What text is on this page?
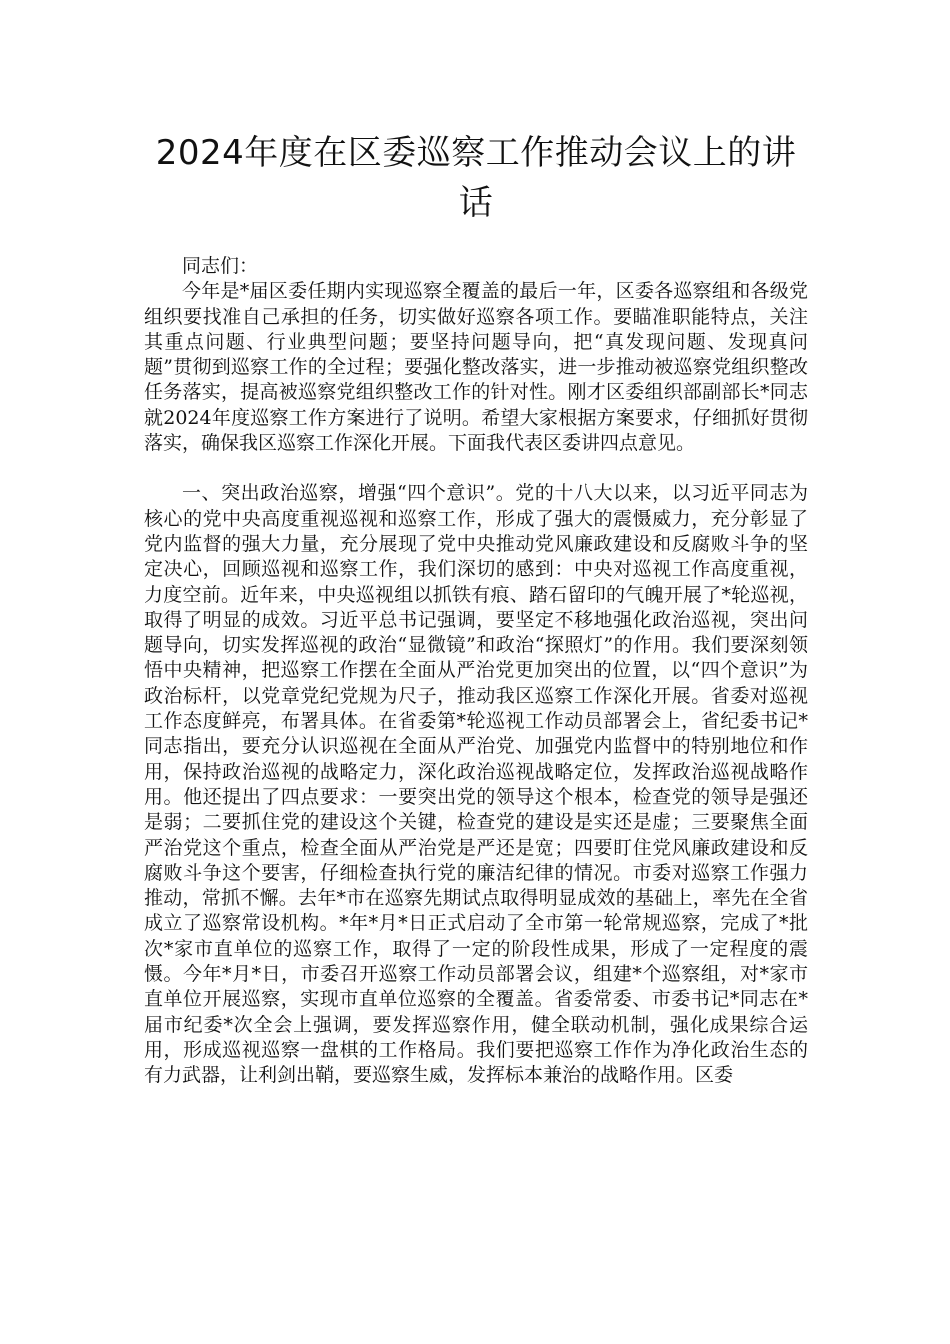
2024年度在区委巡察工作推动会议上的讲话

同志们：

今年是*届区委任期内实现巡察全覆盖的最后一年，区委各巡察组和各级党组织要找准自己承担的任务，切实做好巡察各项工作。要瞄准职能特点，关注其重点问题、行业典型问题；要坚持问题导向，把“真发现问题、发现真问题”贯彻到巡察工作的全过程；要强化整改落实，进一步推动被巡察党组织整改任务落实，提高被巡察党组织整改工作的针对性。刚才区委组织部副部长*同志就2024年度巡察工作方案进行了说明。希望大家根据方案要求，仔细抓好贯彻落实，确保我区巡察工作深化开展。下面我代表区委讲四点意见。

一、突出政治巡察，增强“四个意识”。党的十八大以来，以习近平同志为核心的党中央高度重视巡视和巡察工作，形成了强大的震慑威力，充分彰显了党内监督的强大力量，充分展现了党中央推动党风廉政建设和反腐败斗争的坚定决心，回顾巡视和巡察工作，我们深切的感到：中央对巡视工作高度重视，力度空前。近年来，中央巡视组以抓铁有痕、踏石留印的气魄开展了*轮巡视，取得了明显的成效。习近平总书记强调，要坚定不移地强化政治巡视，突出问题导向，切实发挥巡视的政治“显微镜”和政治“探照灯”的作用。我们要深刻领悟中央精神，把巡察工作摆在全面从严治党更加突出的位置，以“四个意识”为政治标杆，以党章党纪党规为尺子，推动我区巡察工作深化开展。省委对巡视工作态度鲜亮，布署具体。在省委第*轮巡视工作动员部署会上，省纪委书记*同志指出，要充分认识巡视在全面从严治党、加强党内监督中的特别地位和作用，保持政治巡视的战略定力，深化政治巡视战略定位，发挥政治巡视战略作用。他还提出了四点要求：一要突出党的领导这个根本，检查党的领导是强还是弱；二要抓住党的建设这个关键，检查党的建设是实还是虚；三要聚焦全面严治党这个重点，检查全面从严治党是严还是宽；四要盯住党风廉政建设和反腐败斗争这个要害，仔细检查执行党的廉洁纪律的情况。市委对巡察工作强力推动，常抓不懈。去年*市在巡察先期试点取得明显成效的基础上，率先在全省成立了巡察常设机构。*年*月*日正式启动了全市第一轮常规巡察，完成了*批次*家市直单位的巡察工作，取得了一定的阶段性成果，形成了一定程度的震慑。今年*月*日，市委召开巡察工作动员部署会议，组建*个巡察组，对*家市直单位开展巡察，实现市直单位巡察的全覆盖。省委常委、市委书记*同志在*届市纪委*次全会上强调，要发挥巡察作用，健全联动机制，强化成果综合运用，形成巡视巡察一盘棋的工作格局。我们要把巡察工作作为净化政治生态的有力武器，让利剑出鞘，要巡察生威，发挥标本兼治的战略作用。区委
